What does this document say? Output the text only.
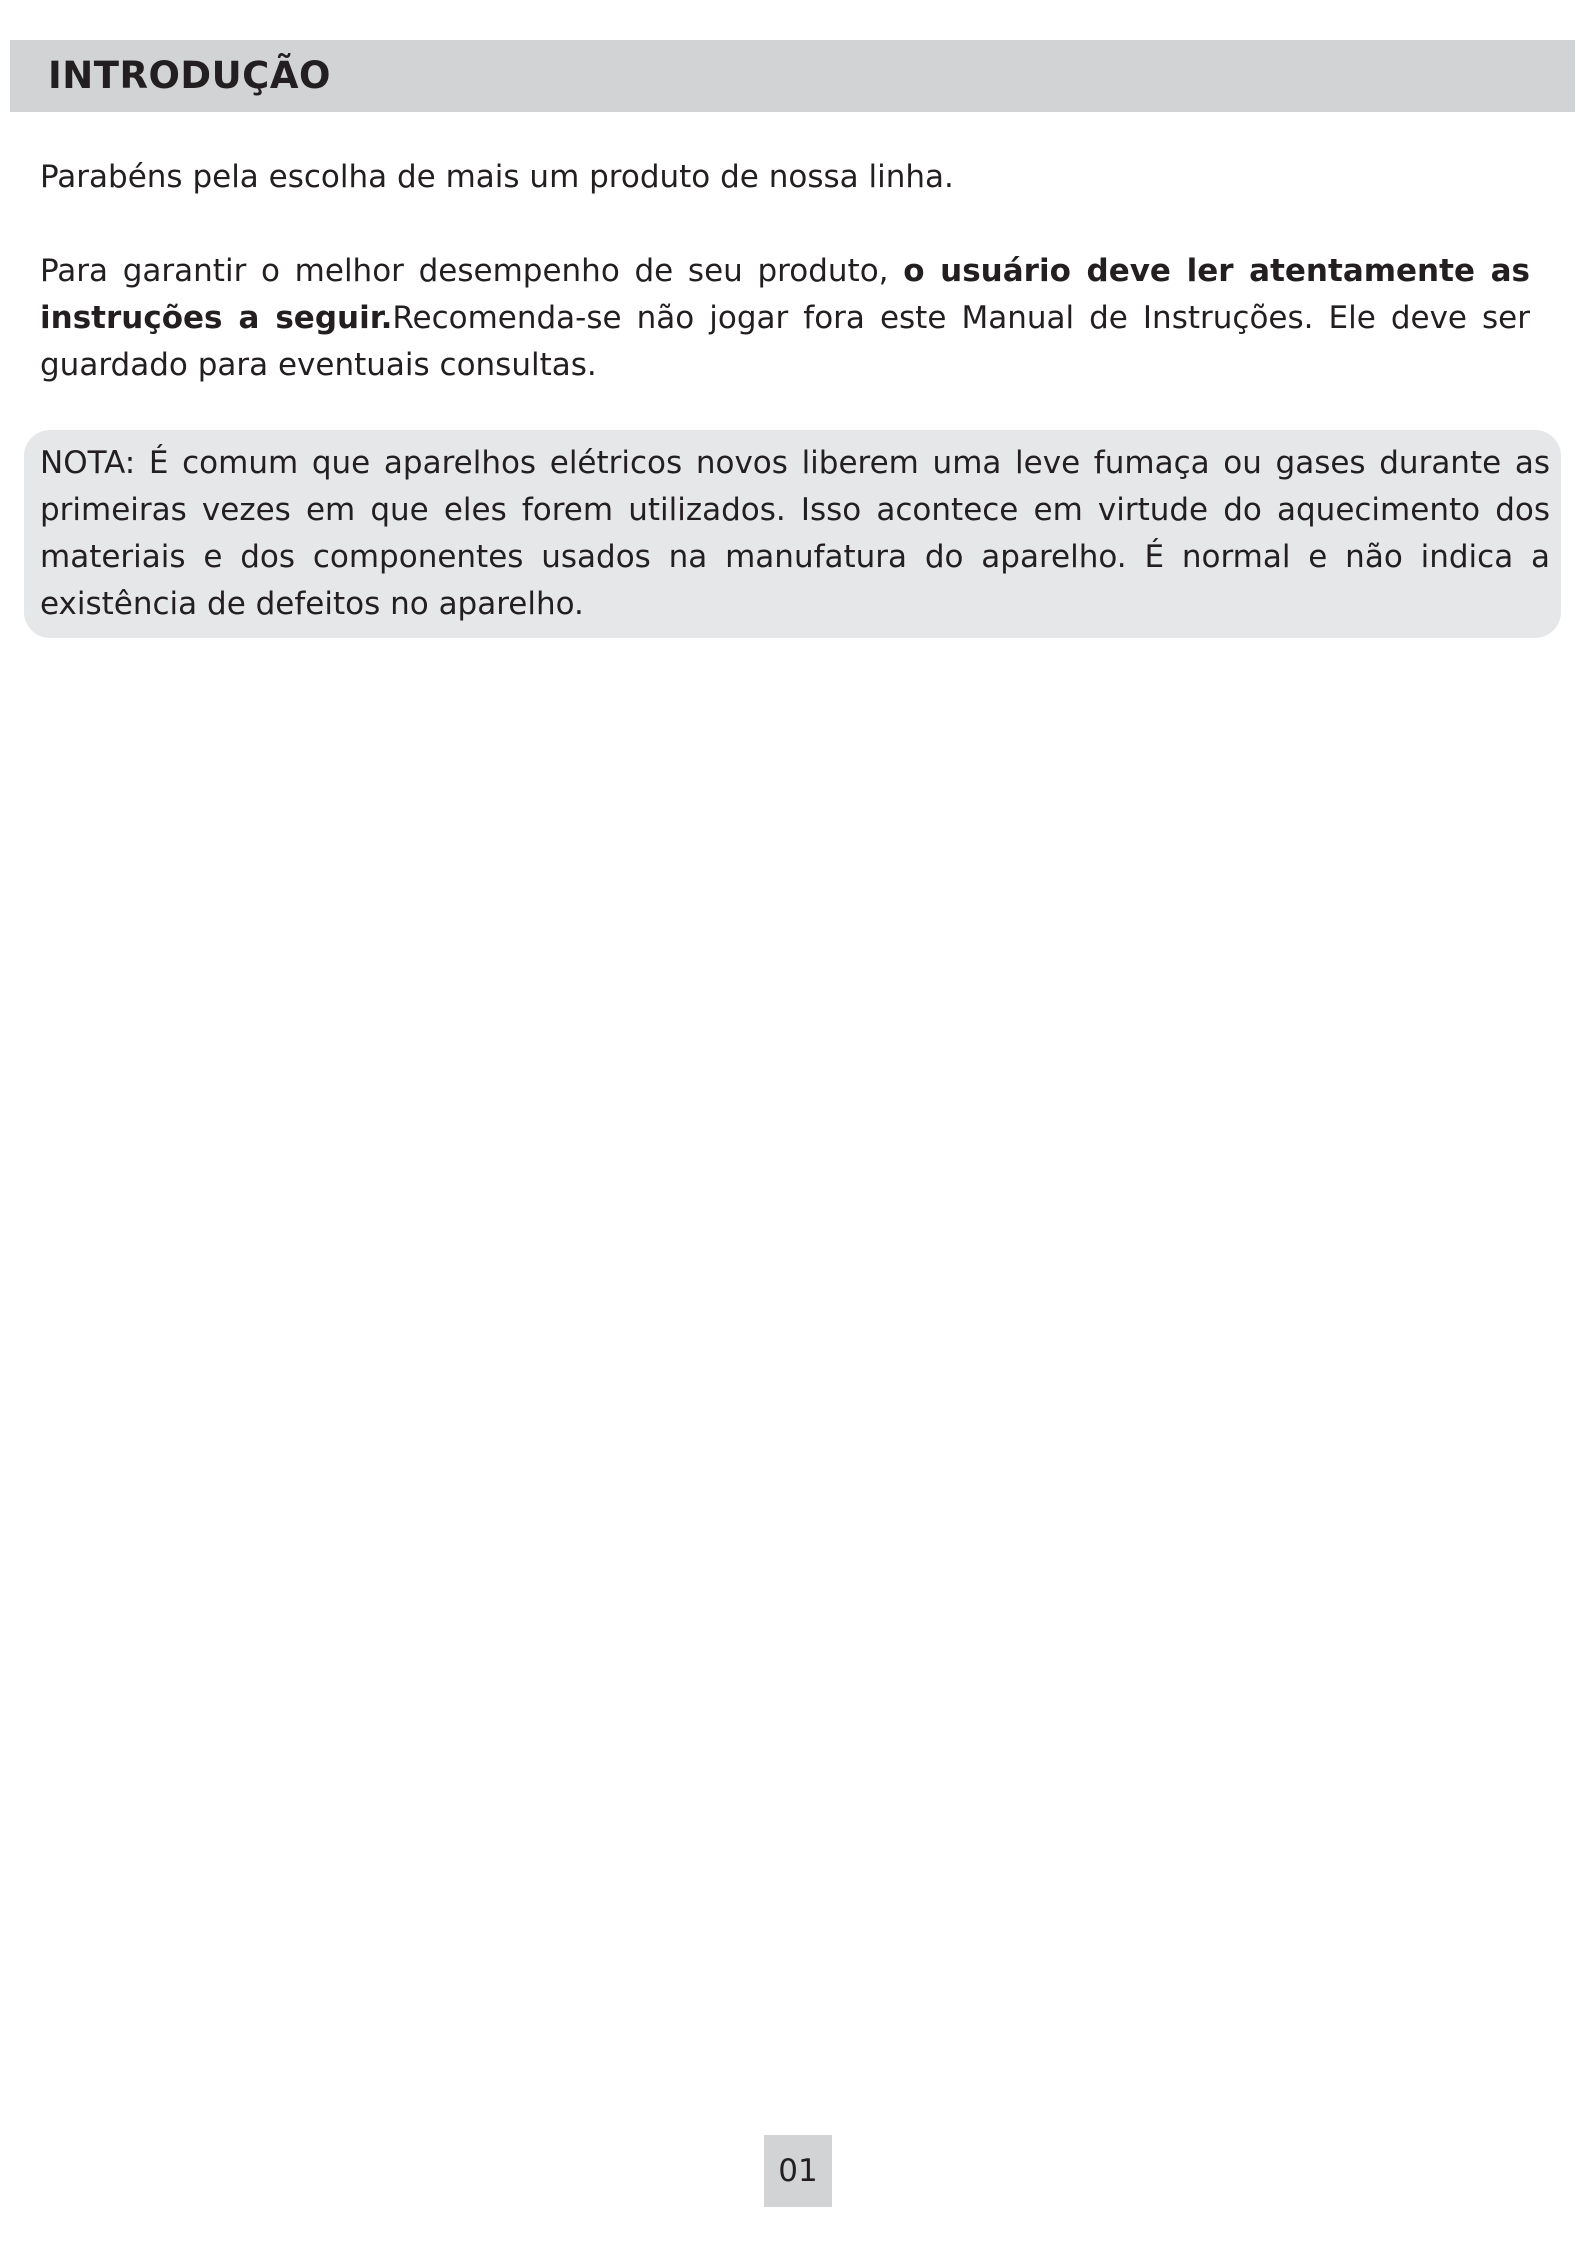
INTRODUÇÃO

Parabéns pela escolha de mais um produto de nossa linha.

Para garantir o melhor desempenho de seu produto, o usuário deve ler atentamente as instruções a seguir.Recomenda-se não jogar fora este Manual de Instruções. Ele deve ser guardado para eventuais consultas.

NOTA: É comum que aparelhos elétricos novos liberem uma leve fumaça ou gases durante as primeiras vezes em que eles forem utilizados. Isso acontece em virtude do aquecimento dos materiais e dos componentes usados na manufatura do aparelho. É normal e não indica a existência de defeitos no aparelho.

01
